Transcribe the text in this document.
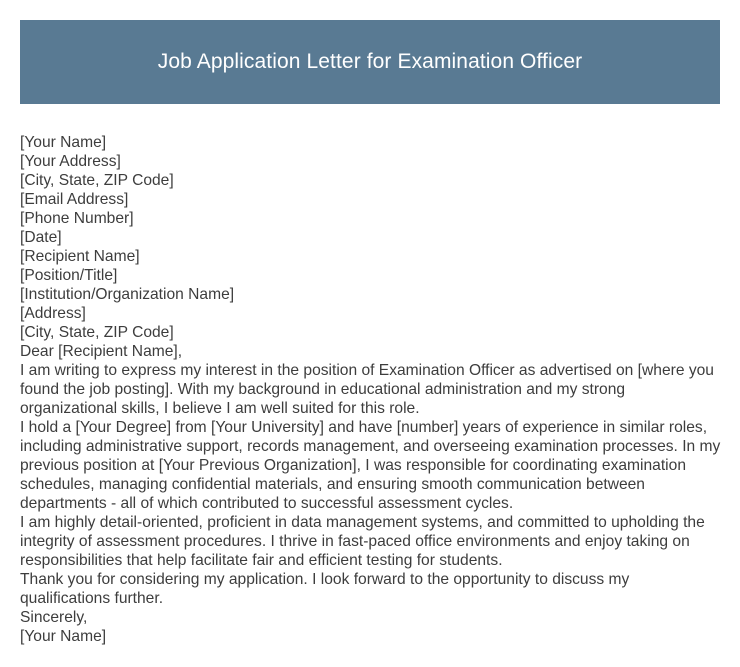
Job Application Letter for Examination Officer

[Your Name]

[Your Address]

[City, State, ZIP Code]

[Email Address]

[Phone Number]

[Date]

[Recipient Name]

[Position/Title]

[Institution/Organization Name]

[Address]

[City, State, ZIP Code]

Dear [Recipient Name],

I am writing to express my interest in the position of Examination Officer as advertised on [where you found the job posting]. With my background in educational administration and my strong organizational skills, I believe I am well suited for this role.

I hold a [Your Degree] from [Your University] and have [number] years of experience in similar roles, including administrative support, records management, and overseeing examination processes. In my previous position at [Your Previous Organization], I was responsible for coordinating examination schedules, managing confidential materials, and ensuring smooth communication between departments - all of which contributed to successful assessment cycles.

I am highly detail-oriented, proficient in data management systems, and committed to upholding the integrity of assessment procedures. I thrive in fast-paced office environments and enjoy taking on responsibilities that help facilitate fair and efficient testing for students.

Thank you for considering my application. I look forward to the opportunity to discuss my qualifications further.

Sincerely,

[Your Name]
